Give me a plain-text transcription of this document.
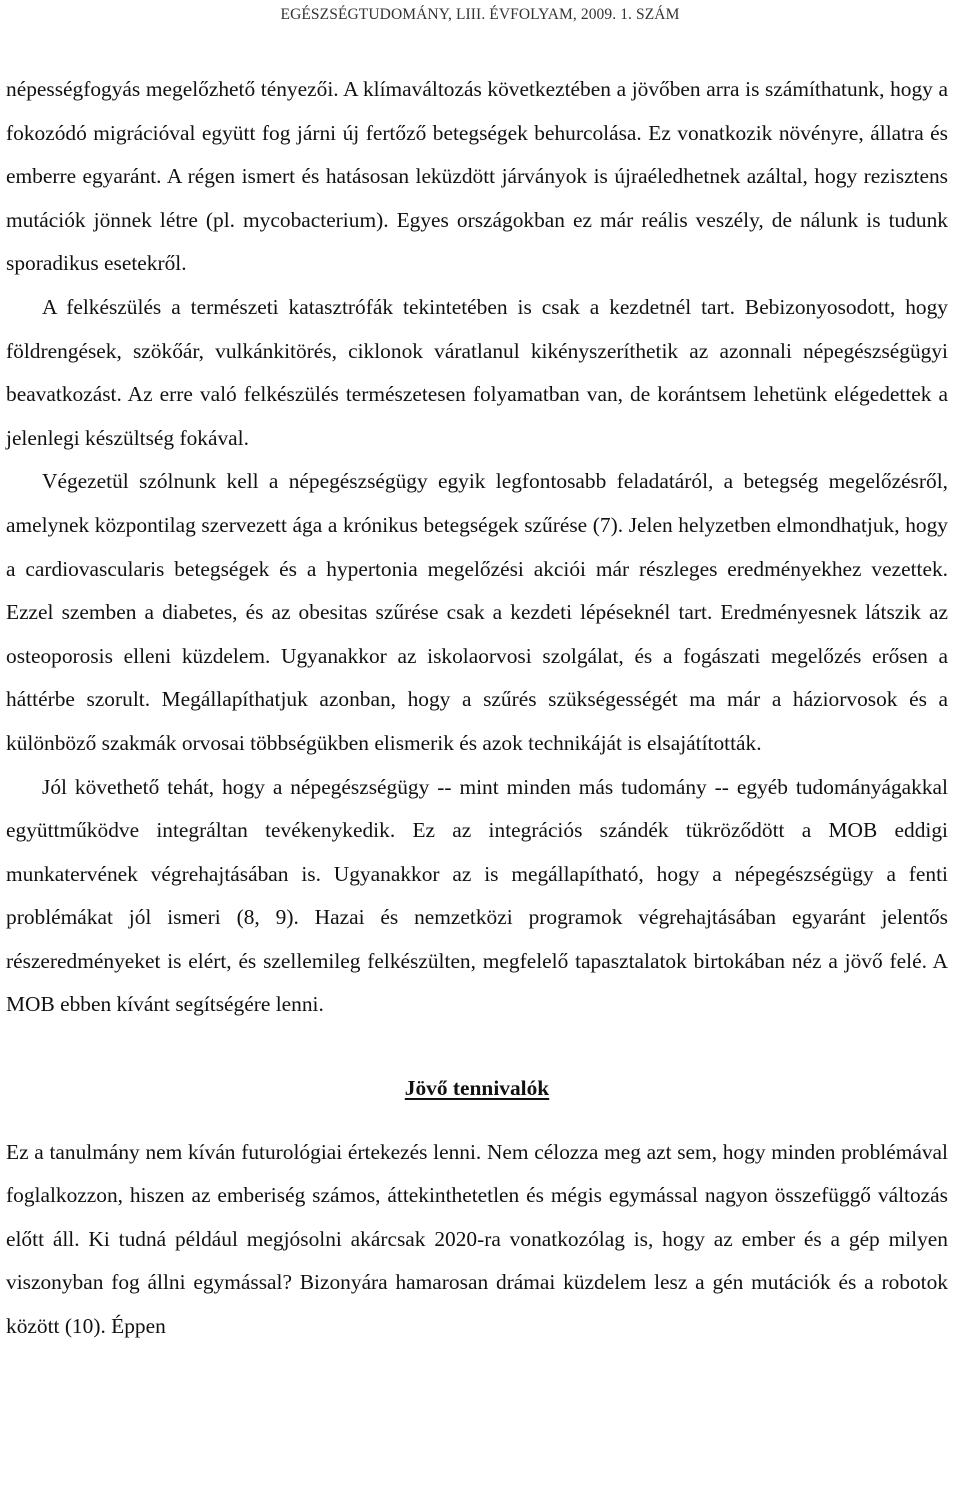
EGÉSZSÉGTUDOMÁNY, LIII. ÉVFOLYAM, 2009. 1. SZÁM

népességfogyás megelőzhető tényezői. A klímaváltozás következtében a jövőben arra is számíthatunk, hogy a fokozódó migrációval együtt fog járni új fertőző betegségek behurcolása. Ez vonatkozik növényre, állatra és emberre egyaránt. A régen ismert és hatásosan leküzdött járványok is újraéledhetnek azáltal, hogy rezisztens mutációk jönnek létre (pl. mycobacterium). Egyes országokban ez már reális veszély, de nálunk is tudunk sporadikus esetekről.

A felkészülés a természeti katasztrófák tekintetében is csak a kezdetnél tart. Bebizonyosodott, hogy földrengések, szökőár, vulkánkitörés, ciklonok váratlanul kikényszeríthetik az azonnali népegészségügyi beavatkozást. Az erre való felkészülés természetesen folyamatban van, de korántsem lehetünk elégedettek a jelenlegi készültség fokával.

Végezetül szólnunk kell a népegészségügy egyik legfontosabb feladatáról, a betegség megelőzésről, amelynek központilag szervezett ága a krónikus betegségek szűrése (7). Jelen helyzetben elmondhatjuk, hogy a cardiovascularis betegségek és a hypertonia megelőzési akciói már részleges eredményekhez vezettek. Ezzel szemben a diabetes, és az obesitas szűrése csak a kezdeti lépéseknél tart. Eredményesnek látszik az osteoporosis elleni küzdelem. Ugyanakkor az iskolaorvosi szolgálat, és a fogászati megelőzés erősen a háttérbe szorult. Megállapíthatjuk azonban, hogy a szűrés szükségességét ma már a háziorvosok és a különböző szakmák orvosai többségükben elismerik és azok technikáját is elsajátították.

Jól követhető tehát, hogy a népegészségügy -- mint minden más tudomány -- egyéb tudományágakkal együttműködve integráltan tevékenykedik. Ez az integrációs szándék tükröződött a MOB eddigi munkatervének végrehajtásában is. Ugyanakkor az is megállapítható, hogy a népegészségügy a fenti problémákat jól ismeri (8, 9). Hazai és nemzetközi programok végrehajtásában egyaránt jelentős részeredményeket is elért, és szellemileg felkészülten, megfelelő tapasztalatok birtokában néz a jövő felé. A MOB ebben kívánt segítségére lenni.

Jövő tennivalók

Ez a tanulmány nem kíván futurológiai értekezés lenni. Nem célozza meg azt sem, hogy minden problémával foglalkozzon, hiszen az emberiség számos, áttekinthetetlen és mégis egymással nagyon összefüggő változás előtt áll. Ki tudná például megjósolni akárcsak 2020-ra vonatkozólag is, hogy az ember és a gép milyen viszonyban fog állni egymással? Bizonyára hamarosan drámai küzdelem lesz a gén mutációk és a robotok között (10). Éppen
